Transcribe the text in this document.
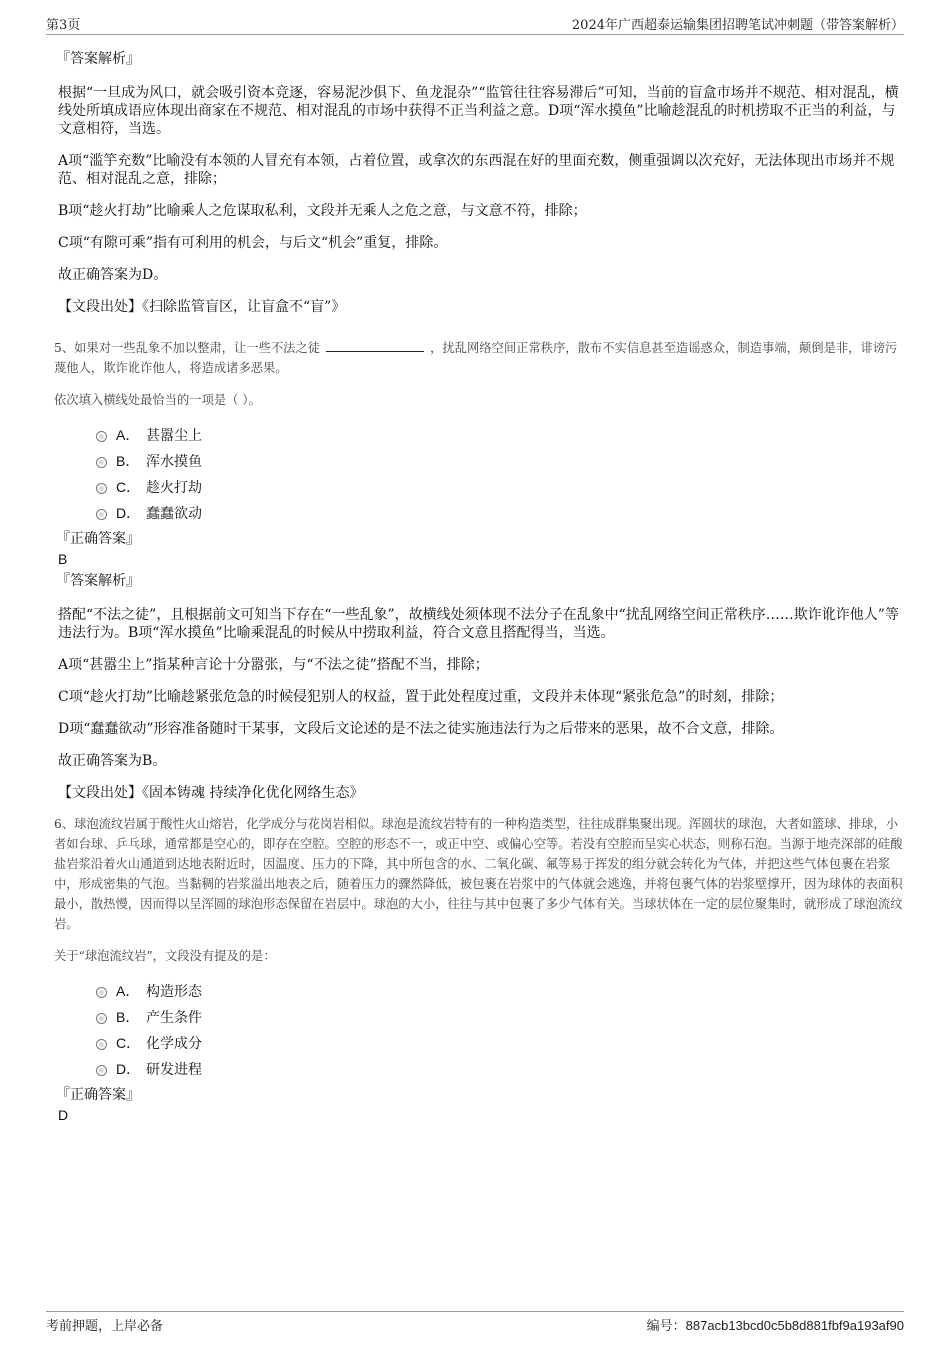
第3页	2024年广西超泰运输集团招聘笔试冲刺题（带答案解析）
『答案解析』

根据“一旦成为风口，就会吸引资本竞逐，容易泥沙俱下、鱼龙混杂”“监管往往容易滞后”可知，当前的盲盒市场并不规范、相对混乱，横线处所填成语应体现出商家在不规范、相对混乱的市场中获得不正当利益之意。D项“浑水摸鱼”比喻趁混乱的时机捞取不正当的利益，与文意相符，当选。

A项“滥竽充数”比喻没有本领的人冒充有本领，占着位置，或拿次的东西混在好的里面充数，侧重强调以次充好，无法体现出市场并不规范、相对混乱之意，排除；

B项“趁火打劫”比喻乘人之危谋取私利，文段并无乘人之危之意，与文意不符，排除；

C项“有隙可乘”指有可利用的机会，与后文“机会”重复，排除。

故正确答案为D。

【文段出处】《扫除监管盲区，让盲盒不“盲”》

5、如果对一些乱象不加以整肃，让一些不法之徒	，扰乱网络空间正常秩序，散布不实信息甚至造谣惑众，制造事端，颠倒是非，诽谤污蔑他人，欺诈讹诈他人，将造成诸多恶果。

依次填入横线处最恰当的一项是（ ）。

A． 甚嚣尘上
B． 浑水摸鱼
C． 趁火打劫
D． 蠢蠢欲动
『正确答案』
B
『答案解析』

搭配“不法之徒”，且根据前文可知当下存在“一些乱象”，故横线处须体现不法分子在乱象中“扰乱网络空间正常秩序……欺诈讹诈他人”等违法行为。B项“浑水摸鱼”比喻乘混乱的时候从中捞取利益，符合文意且搭配得当，当选。

A项“甚嚣尘上”指某种言论十分嚣张，与“不法之徒”搭配不当，排除；

C项“趁火打劫”比喻趁紧张危急的时候侵犯别人的权益，置于此处程度过重，文段并未体现“紧张危急”的时刻，排除；

D项“蠢蠢欲动”形容准备随时干某事，文段后文论述的是不法之徒实施违法行为之后带来的恶果，故不合文意，排除。

故正确答案为B。

【文段出处】《固本铸魂 持续净化优化网络生态》

6、球泡流纹岩属于酸性火山熔岩，化学成分与花岗岩相似。球泡是流纹岩特有的一种构造类型，往往成群集聚出现。浑圆状的球泡，大者如篮球、排球，小者如台球、乒乓球，通常都是空心的，即存在空腔。空腔的形态不一，或正中空、或偏心空等。若没有空腔而呈实心状态，则称石泡。当源于地壳深部的硅酸盐岩浆沿着火山通道到达地表附近时，因温度、压力的下降，其中所包含的水、二氧化碳、氟等易于挥发的组分就会转化为气体，并把这些气体包裹在岩浆中，形成密集的气泡。当黏稠的岩浆溢出地表之后，随着压力的骤然降低，被包裹在岩浆中的气体就会逃逸，并将包裹气体的岩浆壁撑开，因为球体的表面积最小，散热慢，因而得以呈浑圆的球泡形态保留在岩层中。球泡的大小，往往与其中包裹了多少气体有关。当球状体在一定的层位聚集时，就形成了球泡流纹岩。

关于“球泡流纹岩”，文段没有提及的是：

A． 构造形态
B． 产生条件
C． 化学成分
D． 研发进程
『正确答案』
D
考前押题，上岸必备	编号：887acb13bcd0c5b8d881fbf9a193af90
